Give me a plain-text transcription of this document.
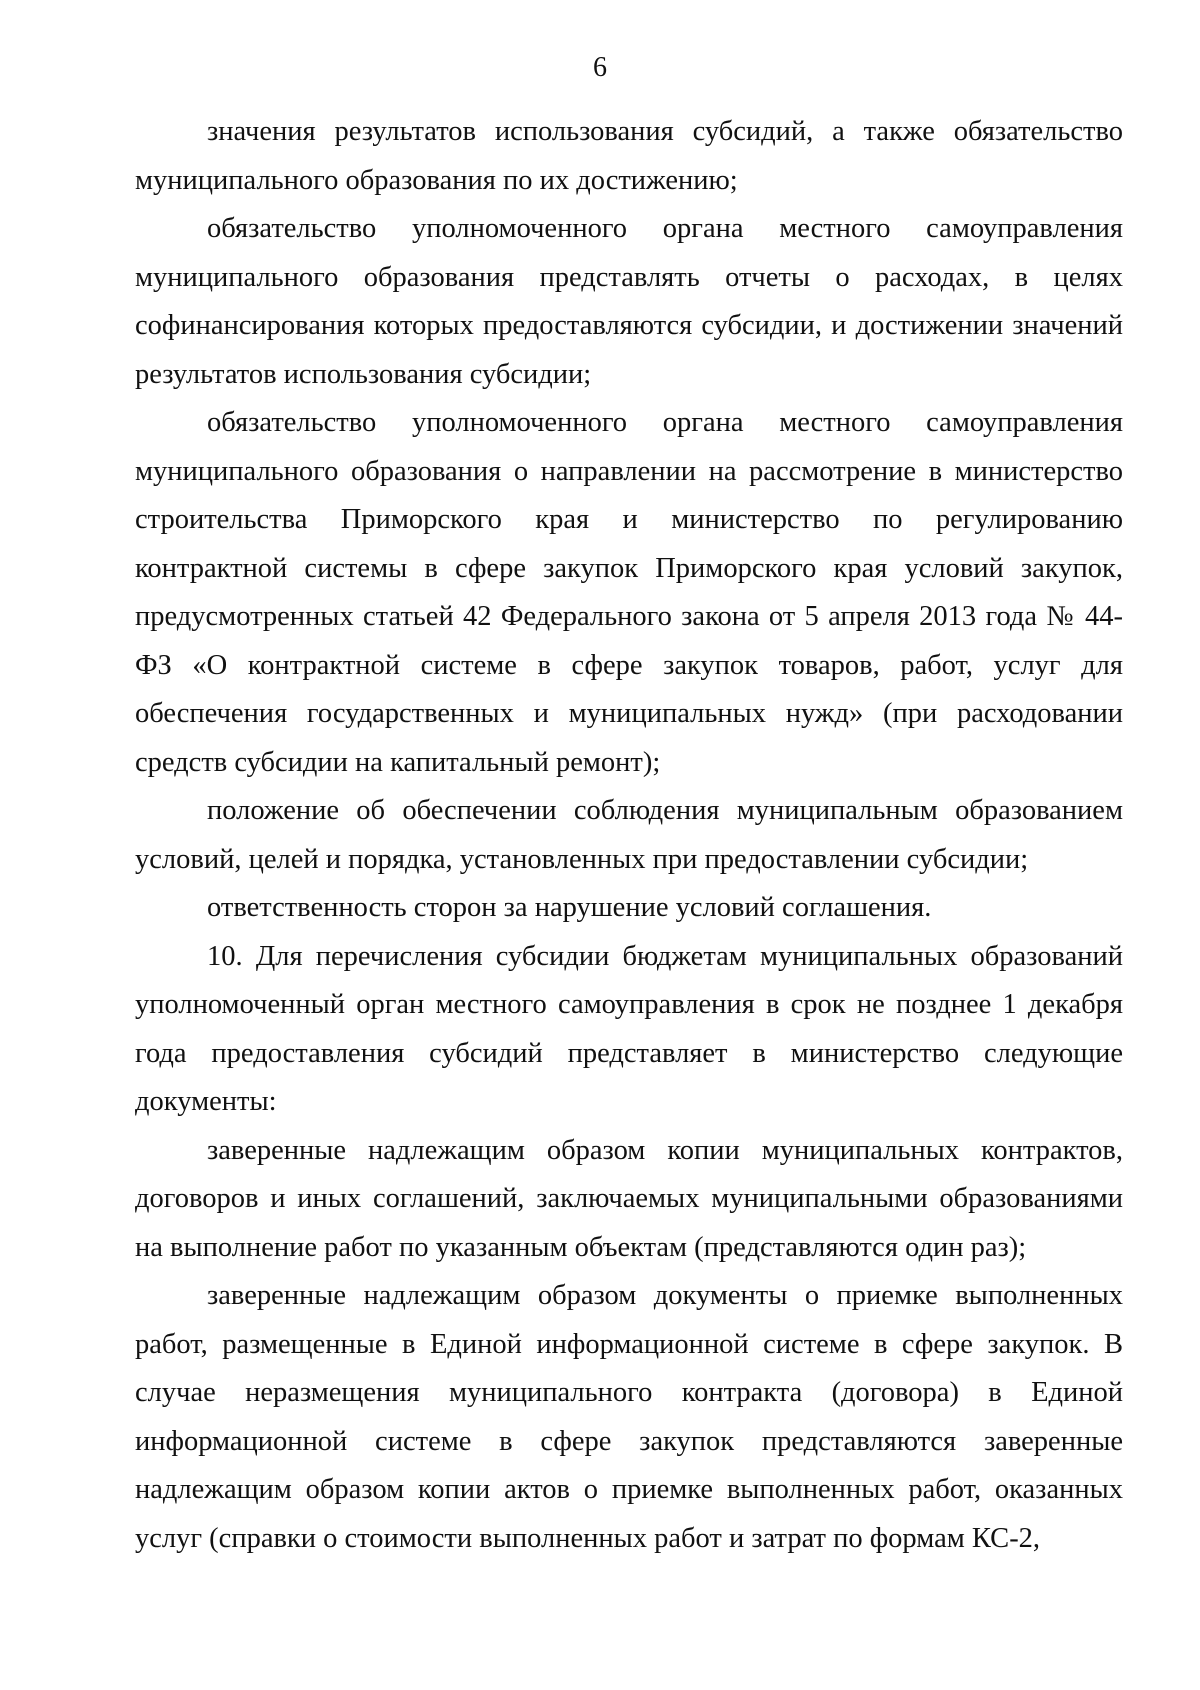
6

значения результатов использования субсидий, а также обязательство муниципального образования по их достижению;

обязательство уполномоченного органа местного самоуправления муниципального образования представлять отчеты о расходах, в целях софинансирования которых предоставляются субсидии, и достижении значений результатов использования субсидии;

обязательство уполномоченного органа местного самоуправления муниципального образования о направлении на рассмотрение в министерство строительства Приморского края и министерство по регулированию контрактной системы в сфере закупок Приморского края условий закупок, предусмотренных статьей 42 Федерального закона от 5 апреля 2013 года № 44-ФЗ «О контрактной системе в сфере закупок товаров, работ, услуг для обеспечения государственных и муниципальных нужд» (при расходовании средств субсидии на капитальный ремонт);

положение об обеспечении соблюдения муниципальным образованием условий, целей и порядка, установленных при предоставлении субсидии;

ответственность сторон за нарушение условий соглашения.

10. Для перечисления субсидии бюджетам муниципальных образований уполномоченный орган местного самоуправления в срок не позднее 1 декабря года предоставления субсидий представляет в министерство следующие документы:

заверенные надлежащим образом копии муниципальных контрактов, договоров и иных соглашений, заключаемых муниципальными образованиями на выполнение работ по указанным объектам (представляются один раз);

заверенные надлежащим образом документы о приемке выполненных работ, размещенные в Единой информационной системе в сфере закупок. В случае неразмещения муниципального контракта (договора) в Единой информационной системе в сфере закупок представляются заверенные надлежащим образом копии актов о приемке выполненных работ, оказанных услуг (справки о стоимости выполненных работ и затрат по формам КС-2,
